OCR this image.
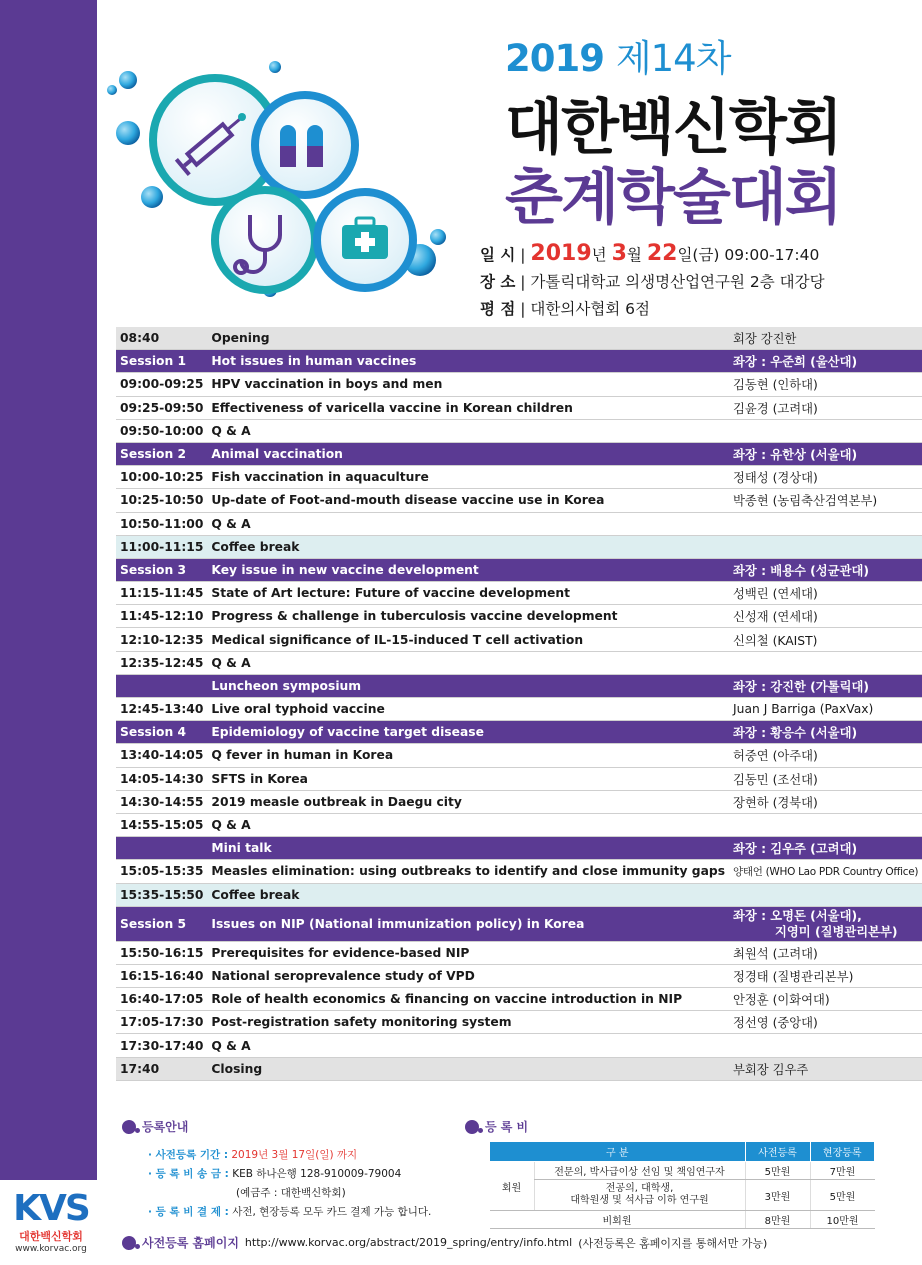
2019 제14차
대한백신학회
춘계학술대회
일 시 | 2019년 3월 22일(금) 09:00-17:40
장 소 | 가톨릭대학교 의생명산업연구원 2층 대강당
평 점 | 대한의사협회 6점
08:40	Opening	회장 강진한
Session 1	Hot issues in human vaccines	좌장 : 우준희 (울산대)
09:00-09:25	HPV vaccination in boys and men	김동현 (인하대)
09:25-09:50	Effectiveness of varicella vaccine in Korean children	김윤경 (고려대)
09:50-10:00	Q & A	
Session 2	Animal vaccination	좌장 : 유한상 (서울대)
10:00-10:25	Fish vaccination in aquaculture	정태성 (경상대)
10:25-10:50	Up-date of Foot-and-mouth disease vaccine use in Korea	박종현 (농림축산검역본부)
10:50-11:00	Q & A	
11:00-11:15	Coffee break	
Session 3	Key issue in new vaccine development	좌장 : 배용수 (성균관대)
11:15-11:45	State of Art lecture: Future of vaccine development	성백린 (연세대)
11:45-12:10	Progress & challenge in tuberculosis vaccine development	신성재 (연세대)
12:10-12:35	Medical significance of IL-15-induced T cell activation	신의철 (KAIST)
12:35-12:45	Q & A	
	Luncheon symposium	좌장 : 강진한 (가톨릭대)
12:45-13:40	Live oral typhoid vaccine	Juan J Barriga (PaxVax)
Session 4	Epidemiology of vaccine target disease	좌장 : 황응수 (서울대)
13:40-14:05	Q fever in human in Korea	허중연 (아주대)
14:05-14:30	SFTS in Korea	김동민 (조선대)
14:30-14:55	2019 measle outbreak in Daegu city	장현하 (경북대)
14:55-15:05	Q & A	
	Mini talk	좌장 : 김우주 (고려대)
15:05-15:35	Measles elimination: using outbreaks to identify and close immunity gaps	양태언 (WHO Lao PDR Country Office)
15:35-15:50	Coffee break	
Session 5	Issues on NIP (National immunization policy) in Korea	좌장 : 오명돈 (서울대),
지영미 (질병관리본부)

15:50-16:15	Prerequisites for evidence-based NIP	최원석 (고려대)
16:15-16:40	National seroprevalence study of VPD	정경태 (질병관리본부)
16:40-17:05	Role of health economics & financing on vaccine introduction in NIP	안정훈 (이화여대)
17:05-17:30	Post-registration safety monitoring system	정선영 (중앙대)
17:30-17:40	Q & A	
17:40	Closing	부회장 김우주
등록안내
· 사전등록 기간 : 2019년 3월 17일(일) 까지
· 등 록 비 송 금 : KEB 하나은행 128-910009-79004
(예금주 : 대한백신학회)
· 등 록 비 결 제 : 사전, 현장등록 모두 카드 결제 가능 합니다.
등 록 비
구 분		사전등록	현장등록
회원	전문의, 박사급이상 선임 및 책임연구자	5만원	7만원
	전공의, 대학생,
대학원생 및 석사급 이하 연구원	3만원	5만원
비회원		8만원	10만원
KVS
대한백신학회
www.korvac.org	사전등록 홈페이지 http://www.korvac.org/abstract/2019_spring/entry/info.html (사전등록은 홈페이지를 통해서만 가능)
